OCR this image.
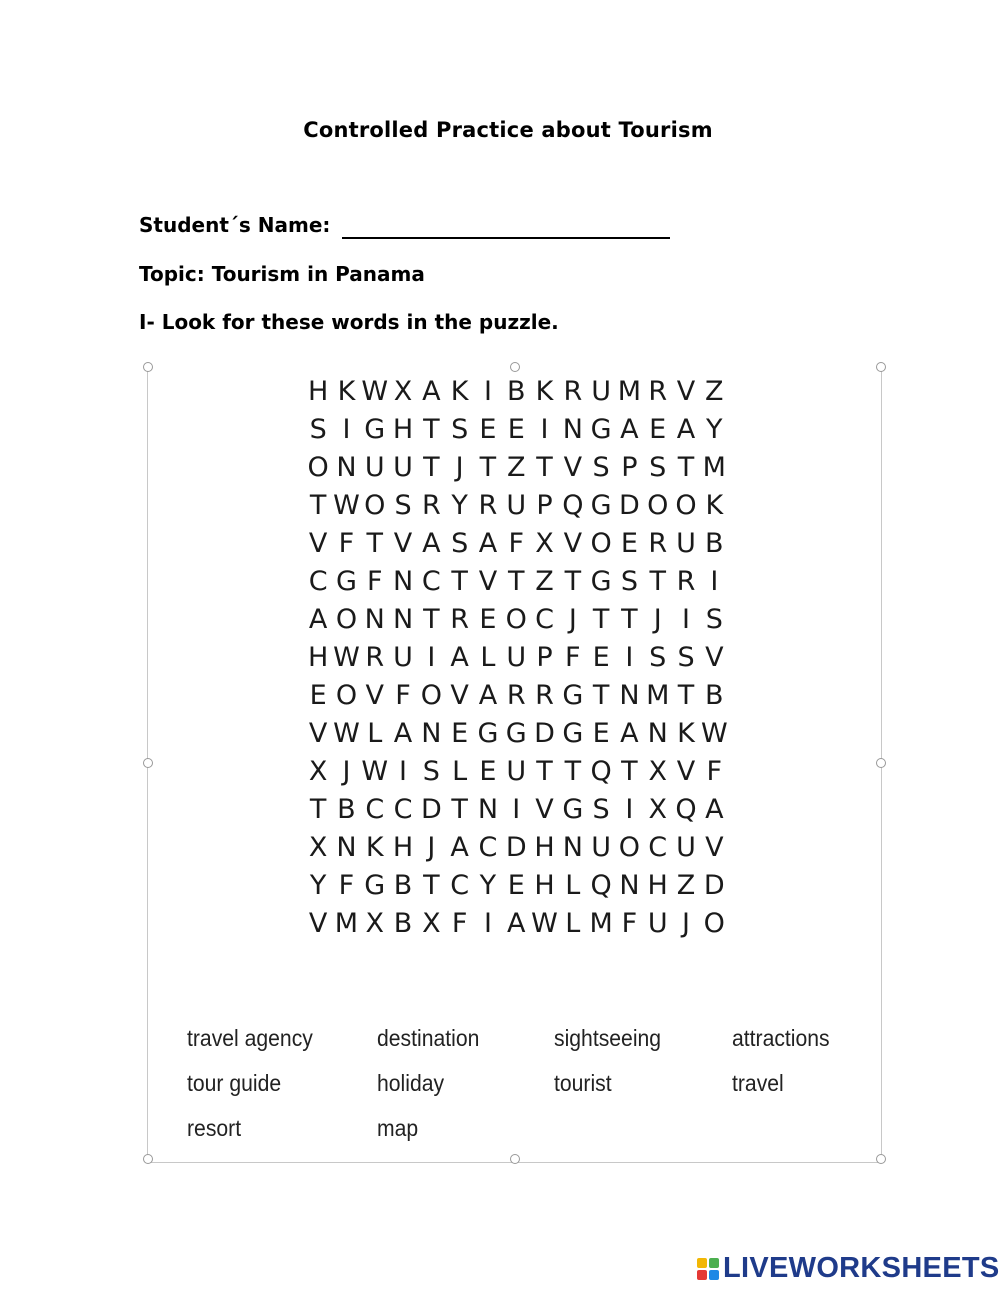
Controlled Practice about Tourism
Student´s Name:
Topic: Tourism in Panama
I- Look for these words in the puzzle.
H K W X A K I B K R U M R V Z
S I G H T S E E I N G A E A Y
O N U U T J T Z T V S P S T M
T W O S R Y R U P Q G D O O K
V F T V A S A F X V O E R U B
C G F N C T V T Z T G S T R I
A O N N T R E O C J T T J I S
H W R U I A L U P F E I S S V
E O V F O V A R R G T N M T B
V W L A N E G G D G E A N K W
X J W I S L E U T T Q T X V F
T B C C D T N I V G S I X Q A
X N K H J A C D H N U O C U V
Y F G B T C Y E H L Q N H Z D
V M X B X F I A W L M F U J O
travel agency	destination	sightseeing	attractions
tour guide	holiday	tourist	travel
resort	map
LIVEWORKSHEETS
